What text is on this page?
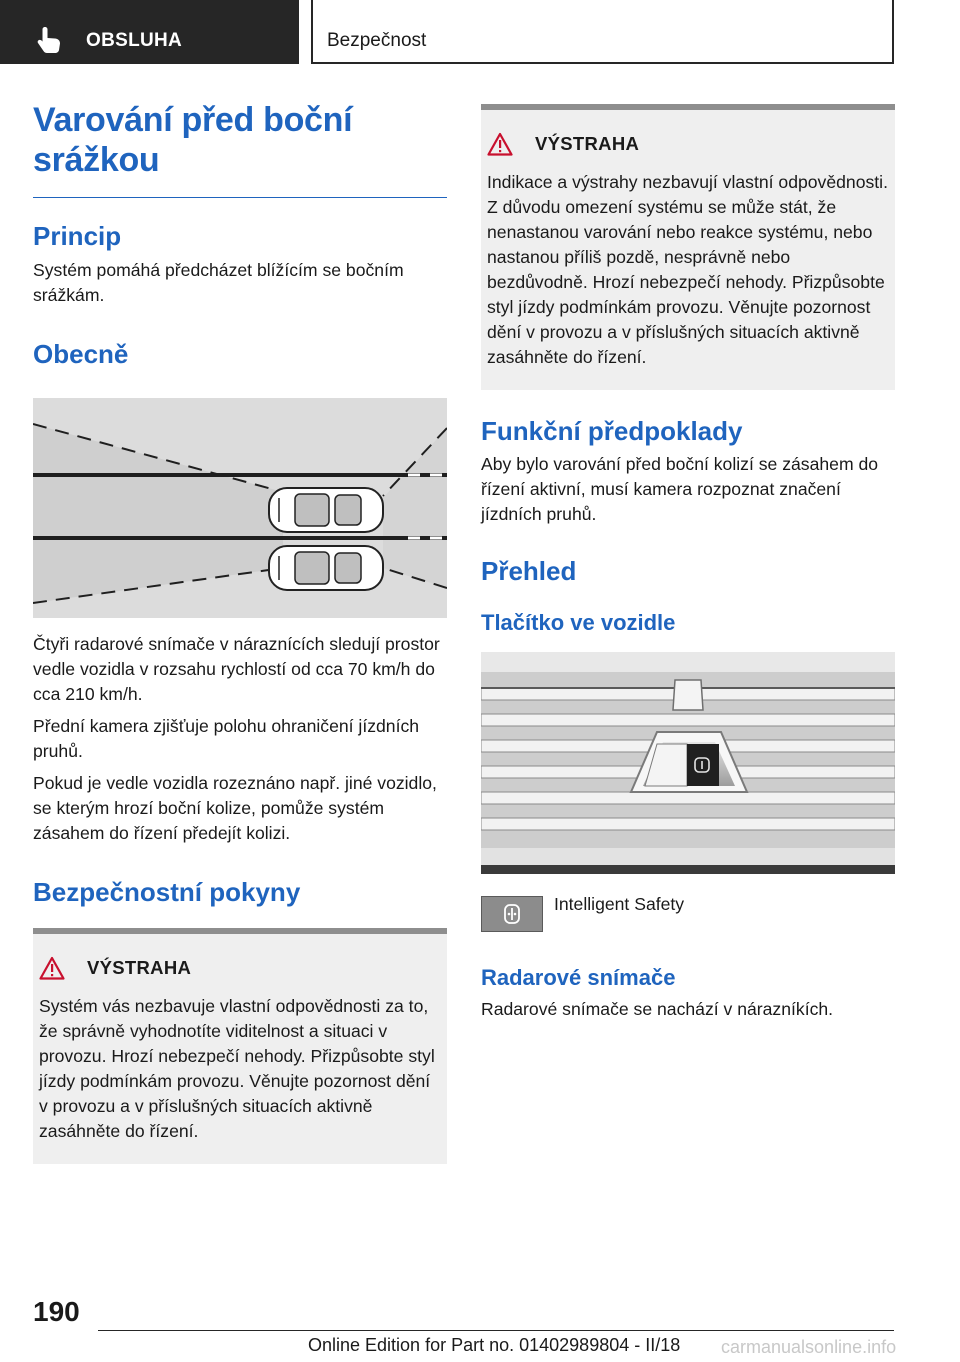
OBSLUHA	Bezpečnost
Varování před boční srážkou
Princip

Systém pomáhá předcházet blížícím se bočním srážkám.

Obecně

Čtyři radarové snímače v náraznících sledují prostor vedle vozidla v rozsahu rychlostí od cca 70 km/h do cca 210 km/h.

Přední kamera zjišťuje polohu ohraničení jízdních pruhů.

Pokud je vedle vozidla rozeznáno např. jiné vozidlo, se kterým hrozí boční kolize, pomůže systém zásahem do řízení předejít kolizi.

Bezpečnostní pokyny
VÝSTRAHA

Systém vás nezbavuje vlastní odpovědnosti za to, že správně vyhodnotíte viditelnost a situaci v provozu. Hrozí nebezpečí nehody. Přizpůsobte styl jízdy podmínkám provozu. Věnujte pozornost dění v provozu a v příslušných situacích aktivně zasáhněte do řízení.

VÝSTRAHA

Indikace a výstrahy nezbavují vlastní odpovědnosti. Z důvodu omezení systému se může stát, že nenastanou varování nebo reakce systému, nebo nastanou příliš pozdě, nesprávně nebo bezdůvodně. Hrozí nebezpečí nehody. Přizpůsobte styl jízdy podmínkám provozu. Věnujte pozornost dění v provozu a v příslušných situacích aktivně zasáhněte do řízení.

Funkční předpoklady

Aby bylo varování před boční kolizí se zásahem do řízení aktivní, musí kamera rozpoznat značení jízdních pruhů.

Přehled
Tlačítko ve vozidle

Intelligent Safety

Radarové snímače

Radarové snímače se nachází v nárazníkích.

190
Online Edition for Part no. 01402989804 - II/18 carmanualsonline.info
